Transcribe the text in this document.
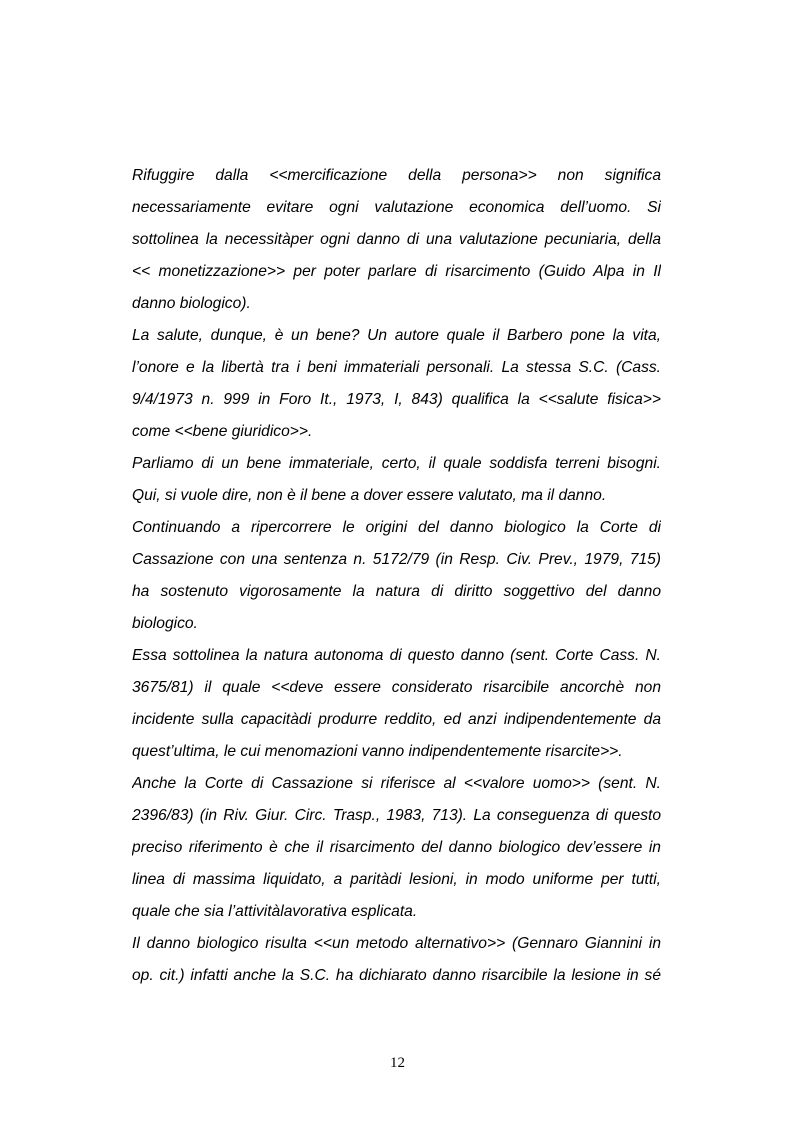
Rifuggire dalla <<mercificazione della persona>> non significa
necessariamente evitare ogni valutazione economica dell’uomo. Si
sottolinea la necessitàper ogni danno di una valutazione pecuniaria, della
<< monetizzazione>> per poter parlare di risarcimento (Guido Alpa in Il
danno biologico).
La salute, dunque, è un bene? Un autore quale il Barbero pone la vita,
l’onore e la libertà tra i beni immateriali personali. La stessa S.C. (Cass.
9/4/1973 n. 999 in Foro It., 1973, I, 843) qualifica la <<salute fisica>>
come <<bene giuridico>>.
Parliamo di un bene immateriale, certo, il quale soddisfa terreni bisogni.
Qui, si vuole dire, non è il bene a dover essere valutato, ma il danno.
Continuando a ripercorrere le origini del danno biologico la Corte di
Cassazione con una sentenza n. 5172/79 (in Resp. Civ. Prev., 1979, 715)
ha sostenuto vigorosamente la natura di diritto soggettivo del danno
biologico.
Essa sottolinea la natura autonoma di questo danno (sent. Corte Cass. N.
3675/81) il quale <<deve essere considerato risarcibile ancorchè non
incidente sulla capacitàdi produrre reddito, ed anzi indipendentemente da
quest’ultima, le cui menomazioni vanno indipendentemente risarcite>>.
Anche la Corte di Cassazione si riferisce al <<valore uomo>> (sent. N.
2396/83) (in Riv. Giur. Circ. Trasp., 1983, 713). La conseguenza di questo
preciso riferimento è che il risarcimento del danno biologico dev’essere in
linea di massima liquidato, a paritàdi lesioni, in modo uniforme per tutti,
quale che sia l’attivitàlavorativa esplicata.
Il danno biologico risulta <<un metodo alternativo>> (Gennaro Giannini in
op. cit.) infatti anche la S.C. ha dichiarato danno risarcibile la lesione in sé
12
